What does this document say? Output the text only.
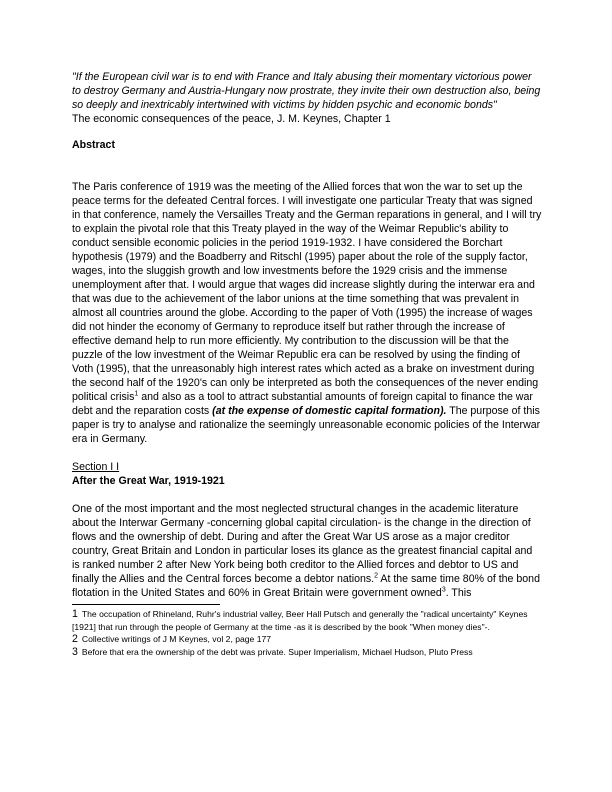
"If the European civil war is to end with France and Italy abusing their momentary victorious power to destroy Germany and Austria-Hungary now prostrate, they invite their own destruction also, being so deeply and inextricably intertwined with victims by hidden psychic and economic bonds"
The economic consequences of the peace, J. M. Keynes, Chapter 1
Abstract
The Paris conference of 1919 was the meeting of the Allied forces that won the war to set up the peace terms for the defeated Central forces. I will investigate one particular Treaty that was signed in that conference, namely the Versailles Treaty and the German reparations in general, and I will try to explain the pivotal role that this Treaty played in the way of the Weimar Republic's ability to conduct sensible economic policies in the period 1919-1932. I have considered the Borchart hypothesis (1979) and the Boadberry and Ritschl (1995) paper about the role of the supply factor, wages, into the sluggish growth and low investments before the 1929 crisis and the immense unemployment after that. I would argue that wages did increase slightly during the interwar era and that was due to the achievement of the labor unions at the time something that was prevalent in almost all countries around the globe. According to the paper of Voth (1995) the increase of wages did not hinder the economy of Germany to reproduce itself but rather through the increase of effective demand help to run more efficiently. My contribution to the discussion will be that the puzzle of the low investment of the Weimar Republic era can be resolved by using the finding of Voth (1995), that the unreasonably high interest rates which acted as a brake on investment during the second half of the 1920's can only be interpreted as both the consequences of the never ending political crisis$^1$ and also as a tool to attract substantial amounts of foreign capital to finance the war debt and the reparation costs (at the expense of domestic capital formation). The purpose of this paper is try to analyse and rationalize the seemingly unreasonable economic policies of the Interwar era in Germany.
Section I I
After the Great War, 1919-1921
One of the most important and the most neglected structural changes in the academic literature about the Interwar Germany -concerning global capital circulation- is the change in the direction of flows and the ownership of debt. During and after the Great War US arose as a major creditor country, Great Britain and London in particular loses its glance as the greatest financial capital and is ranked number 2 after New York being both creditor to the Allied forces and debtor to US and finally the Allies and the Central forces become a debtor nations.$^2$ At the same time 80% of the bond flotation in the United States and 60% in Great Britain were government owned$^3$. This
1 The occupation of Rhineland, Ruhr's industrial valley, Beer Hall Putsch and generally the "radical uncertainty" Keynes [1921] that run through the people of Germany at the time -as it is described by the book "When money dies"-.
2 Collective writings of J M Keynes, vol 2, page 177
3 Before that era the ownership of the debt was private. Super Imperialism, Michael Hudson, Pluto Press
